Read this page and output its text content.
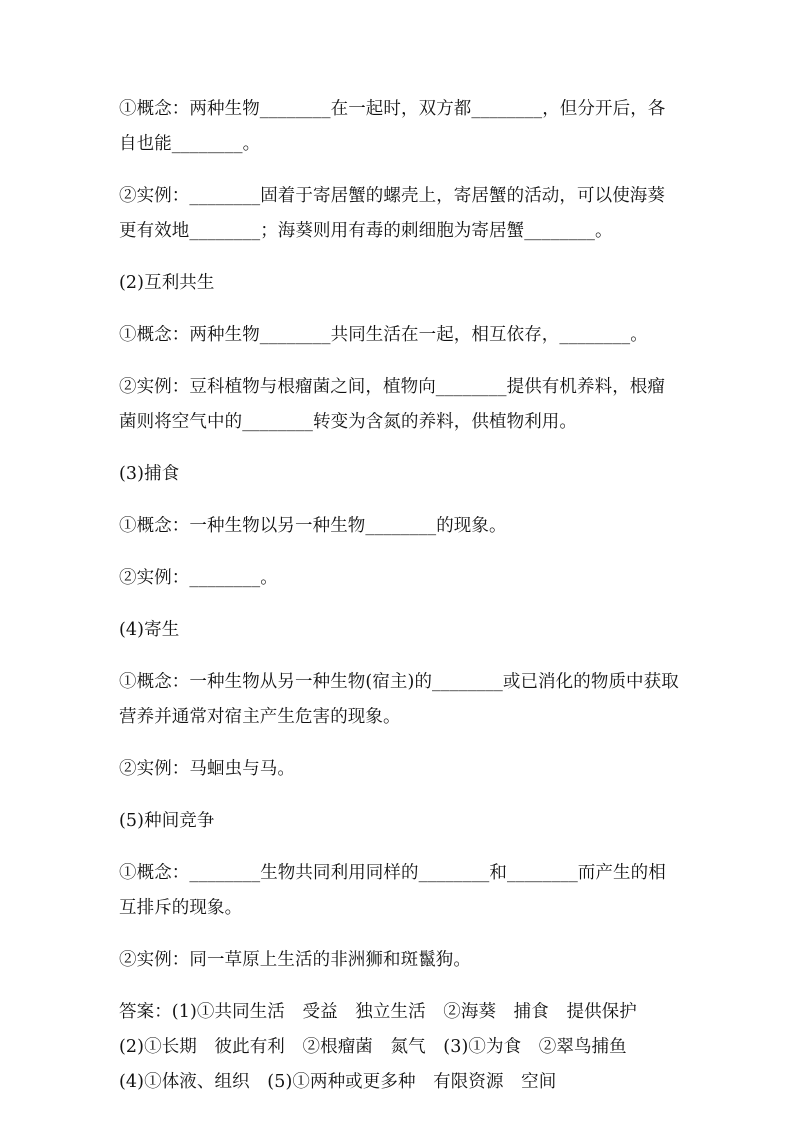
①概念：两种生物________在一起时，双方都________，但分开后，各自也能________。

②实例：________固着于寄居蟹的螺壳上，寄居蟹的活动，可以使海葵更有效地________；海葵则用有毒的刺细胞为寄居蟹________。

(2)互利共生

①概念：两种生物________共同生活在一起，相互依存，________。

②实例：豆科植物与根瘤菌之间，植物向________提供有机养料，根瘤菌则将空气中的________转变为含氮的养料，供植物利用。

(3)捕食

①概念：一种生物以另一种生物________的现象。

②实例：________。

(4)寄生

①概念：一种生物从另一种生物(宿主)的________或已消化的物质中获取营养并通常对宿主产生危害的现象。

②实例：马蛔虫与马。

(5)种间竞争

①概念：________生物共同利用同样的________和________而产生的相互排斥的现象。

②实例：同一草原上生活的非洲狮和斑鬣狗。

答案：(1)①共同生活　受益　独立生活　②海葵　捕食　提供保护
(2)①长期　彼此有利　②根瘤菌　氮气　(3)①为食　②翠鸟捕鱼
(4)①体液、组织　(5)①两种或更多种　有限资源　空间
